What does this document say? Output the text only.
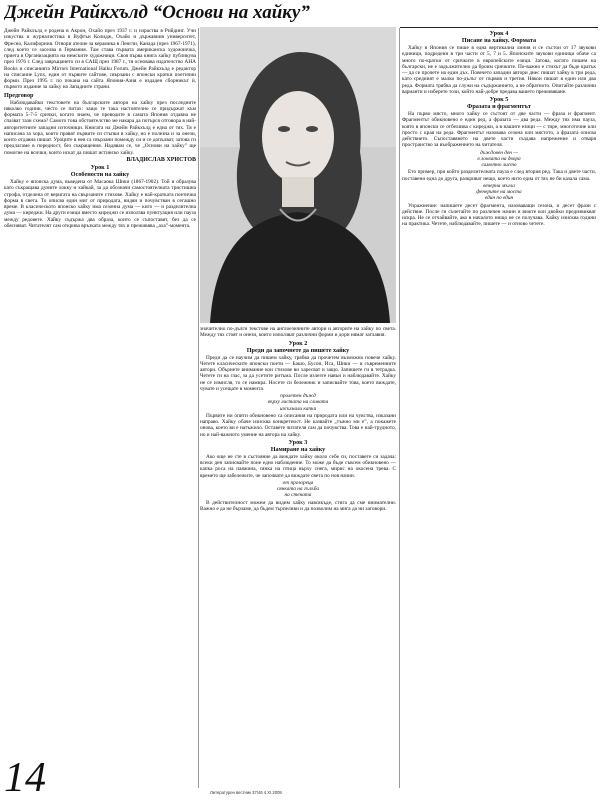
Джейн Райкхълд “Основи на хайку”

Джейн Райкхълд е родена в Акрон, Охайо през 1937 г. и израства в Рийдинг. Учи изкуства и журналистика в Вуфтън Колидж, Охайо и държавния университет, Фресно, Калифорния. Отвори ателие за керамика в Ленгли, Канада (през 1967-1971), след което се заселва в Германия. Там става първата американска художничка, приета в Организацията на немските художници. Своя първа книга хайку публикува през 1976 г. След завръщането си в САЩ през 1987 г., тя основава издателство AHA Books и списанията Mirrors International Haiku Forum. Джейн Райкхълд е редактор на списание Lynx, един от първите сайтове, свързани с японски кратки поетични форми. През 1995 г. по покана на сайта Япония-Азия е издаден сборникът ѝ, първото издание за хайку на Западните страни.

Предговор

Наблюдавайки текстовете на българските автори на хайку през последните няколко години, често се питах: защо те така настоятелно се придържат към формата 5-7-5 срички, когато знаем, че преводите в самата Япония отдавна не спазват тази схема? Самото това обстоятелство ме накара да потърся отговора в най-авторитетните западни източници. Книгата на Джейн Райкхълд е една от тях. Тя е написана за хора, които правят първите си стъпки в хайку, но е полезна и за онези, които отдавна пишат. Уроците в нея са свързани помежду си и се допълват, затова ги предлагаме в поредност, без съкращения. Надявам се, че „Основи на хайку” ще помогне на всички, които искат да пишат истинско хайку.

ВЛАДИСЛАВ ХРИСТОВ

Урок 1
Особености на хайку

Хайку е японска дума, въведена от Масаока Шики (1867-1902). Той я образува като съкращава думите хокку и хайкай, за да обозначи самостоятелната тристишна строфа, отделена от веригата на свързаните стихове. Хайку е най-кратката поетична форма в света. То описва един миг от природата, видян и почувстван в сегашно време. В класическото японско хайку има сезонна дума — киго — и разделителна дума — киреджи. На други езици вместо киреджи се използва пунктуация или пауза между редовете. Хайку съдържа два образа, които се съпоставят, без да се обясняват. Читателят сам открива връзката между тях и преживява „аха”-момента.

значително по-дълги текстове на англоезичните автори и авторите на хайку по света. Между тях стоят и онези, които използват различни форми и дори нямат заглавия.

Урок 2
Преди да започнете да пишете хайку

Преди да се научим да пишем хайку, трябва да прочетем възможно повече хайку. Четете класическите японски поети — Башо, Бусон, Иса, Шики — и съвременните автори. Обърнете внимание кои стихове ви харесват и защо. Запишете ги в тетрадка. Четете ги на глас, за да усетите ритъма. После излезте навън и наблюдавайте. Хайку не се измисля, то се намира. Носете си бележник и записвайте това, което виждате, чувате и усещате в момента.

пролетен дъжд
върху листата на сливата
изсъхнали капки

Първите ни опити обикновено са описания на природата или на чувства, изказани направо. Хайку обаче изисква конкретност. Не казвайте „тъжно ми е”, а покажете онова, което ви е натъжило. Оставете читателя сам да почувства. Това е най-трудното, но и най-важното умение на автора на хайку.

Урок 3
Намиране на хайку

Ако още не сте в състояние да виждате хайку около себе си, поставете си задача: всеки ден записвайте поне едно наблюдение. То може да бъде съвсем обикновено — капка роса на паяжина, сянка на птица върху снега, мирис на окосена трева. С времето ще забележите, че започвате да виждате света по нов начин.

от прозореца
сянката на гълъба
на стената

В действителност можем да видим хайку навсякъде, стига да сме внимателни. Важно е да не бързаме, да бъдем търпеливи и да позволим на мига да ни заговори.

Урок 4
Писане на хайку. Формата

Хайку в Япония се пише в една вертикална линия и се състои от 17 звукови единици, подредени в три части от 5, 7 и 5. Японските звукови единици обаче са много по-кратки от сричките в европейските езици. Затова, когато пишем на български, не е задължително да броим сричките. По-важно е стихът да бъде кратък — да се прочете на един дъх. Повечето западни автори днес пишат хайку в три реда, като средният е малко по-дълъг от първия и третия. Някои пишат в един или два реда. Формата трябва да служи на съдържанието, а не обратното. Опитайте различни варианти и изберете този, който най-добре предава вашето преживяване.

Урок 5
Фразата и фрагментът

На първо място, много хайку се състоят от две части — фраза и фрагмент. Фрагментът обикновено е един ред, а фразата — два реда. Между тях има пауза, която в японски се отбелязва с киреджи, а в нашите езици — с тире, многоточие или просто с края на реда. Фрагментът назовава сезона или мястото, а фразата описва действието. Съпоставянето на двете части създава напрежение и отваря пространство за въображението на читателя.

дъждовен ден —
в локвата на двора
самотно листо

Ето пример, при който разделителната пауза е след втория ред. Така и двете части, поставени една до друга, разкриват нещо, което нито една от тях не би казала сама.

вечерна мъгла
фенерите на моста
един по един

Упражнение: напишете десет фрагмента, назоваващи сезона, и десет фрази с действие. После ги съчетайте по различен начин и вижте кои двойки предизвикват искра. Не се отчайвайте, ако в началото нищо не се получава. Хайку изисква години на практика. Четете, наблюдавайте, пишете — и отново четете.

14	Литературен вестник 37/46 4.XI.2009
